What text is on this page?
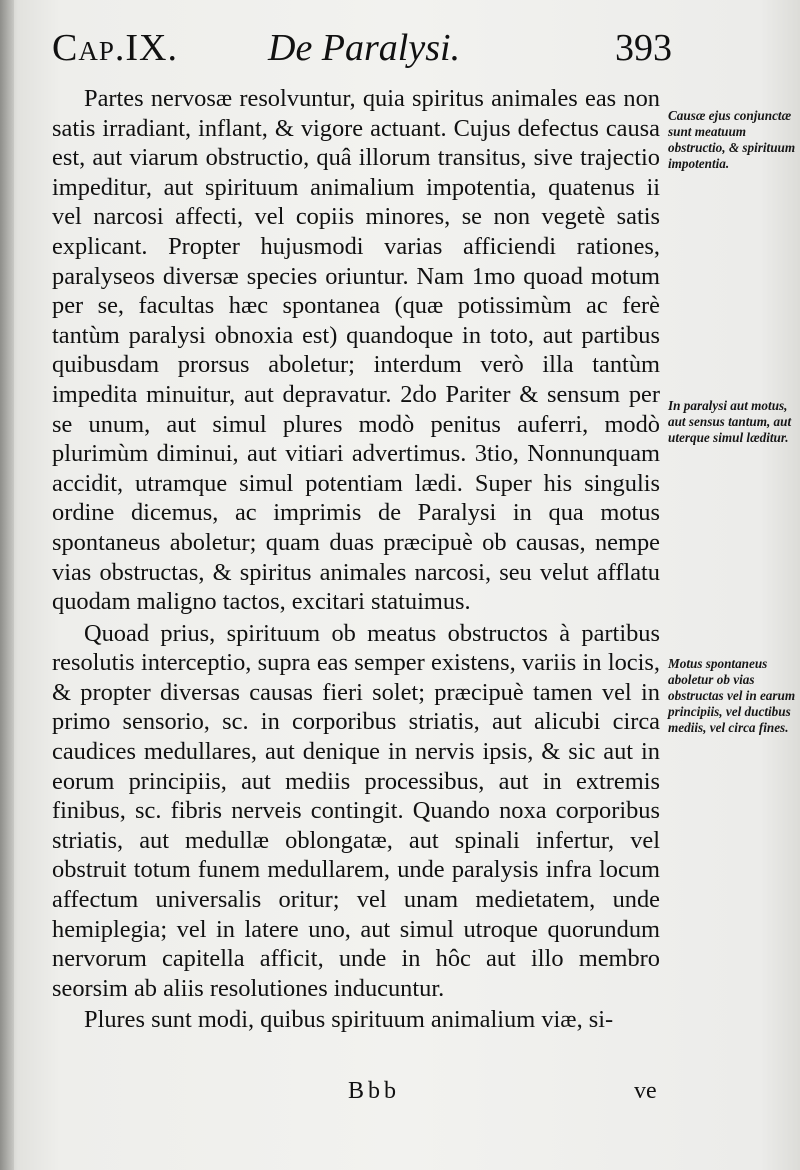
Cap.IX. De Paralysi.	393

Partes nervosæ resolvuntur, quia spiritus animales eas non satis irradiant, inflant, & vigore actuant. Cujus defectus causa est, aut viarum obstructio, quâ illorum transitus, sive trajectio impeditur, aut spirituum animalium impotentia, quatenus ii vel narcosi affecti, vel copiis minores, se non vegetè satis explicant. Propter hujusmodi varias afficiendi rationes, paralyseos diversæ species oriuntur. Nam 1mo quoad motum per se, facultas hæc spontanea (quæ potissimùm ac ferè tantùm paralysi obnoxia est) quandoque in toto, aut partibus quibusdam prorsus aboletur; interdum verò illa tantùm impedita minuitur, aut depravatur. 2do Pariter & sensum per se unum, aut simul plures modò penitus auferri, modò plurimùm diminui, aut vitiari advertimus. 3tio, Nonnunquam accidit, utramque simul potentiam lædi. Super his singulis ordine dicemus, ac imprimis de Paralysi in qua motus spontaneus aboletur; quam duas præcipuè ob causas, nempe vias obstructas, & spiritus animales narcosi, seu velut afflatu quodam maligno tactos, excitari statuimus.

Quoad prius, spirituum ob meatus obstructos à partibus resolutis interceptio, supra eas semper existens, variis in locis, & propter diversas causas fieri solet; præcipuè tamen vel in primo sensorio, sc. in corporibus striatis, aut alicubi circa caudices medullares, aut denique in nervis ipsis, & sic aut in eorum principiis, aut mediis processibus, aut in extremis finibus, sc. fibris nerveis contingit. Quando noxa corporibus striatis, aut medullæ oblongatæ, aut spinali infertur, vel obstruit totum funem medullarem, unde paralysis infra locum affectum universalis oritur; vel unam medietatem, unde hemiplegia; vel in latere uno, aut simul utroque quorundum nervorum capitella afficit, unde in hôc aut illo membro seorsim ab aliis resolutiones inducuntur.

Plures sunt modi, quibus spirituum animalium viæ, si-

Causæ ejus conjunctæ sunt meatuum obstructio, & spirituum impotentia.
In paralysi aut motus, aut sensus tantum, aut uterque simul læditur.
Motus spontaneus aboletur ob vias obstructas vel in earum principiis, vel ductibus mediis, vel circa fines.
Bbb	ve
